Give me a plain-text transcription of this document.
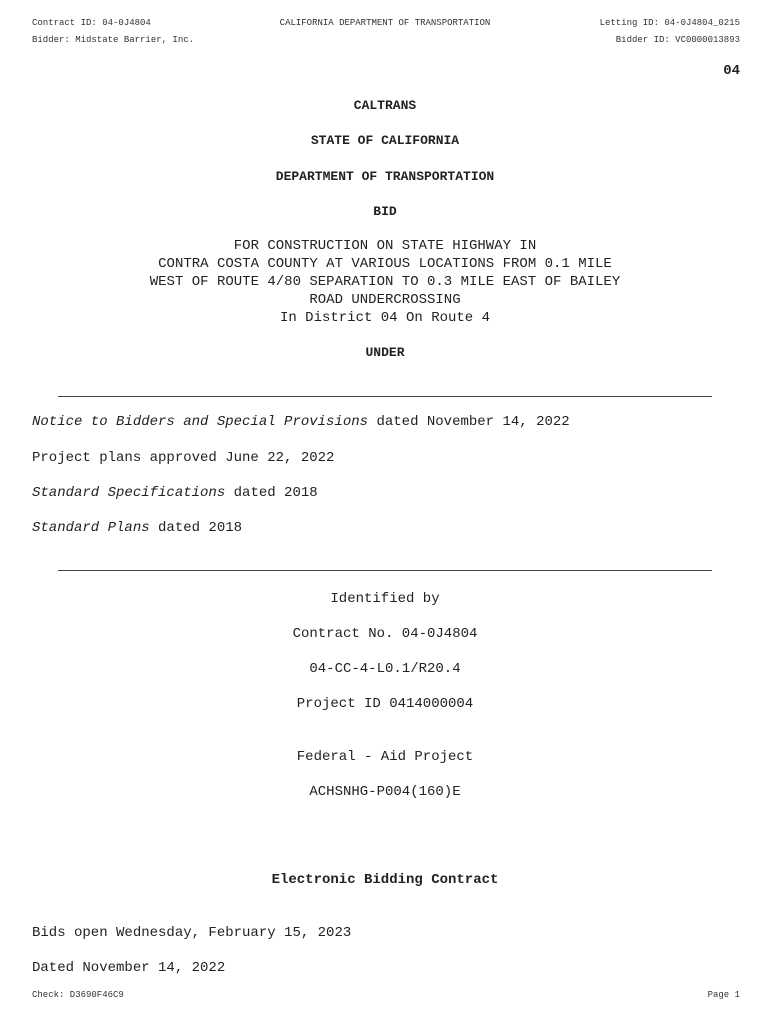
Contract ID: 04-0J4804
Bidder: Midstate Barrier, Inc.
CALIFORNIA DEPARTMENT OF TRANSPORTATION	Letting ID: 04-0J4804_0215
Bidder ID: VC0000013893
04
CALTRANS
STATE OF CALIFORNIA
DEPARTMENT OF TRANSPORTATION
BID
FOR CONSTRUCTION ON STATE HIGHWAY IN
CONTRA COSTA COUNTY AT VARIOUS LOCATIONS FROM 0.1 MILE
WEST OF ROUTE 4/80 SEPARATION TO 0.3 MILE EAST OF BAILEY
ROAD UNDERCROSSING
In District 04 On Route 4
UNDER
Notice to Bidders and Special Provisions dated November 14, 2022
Project plans approved June 22, 2022
Standard Specifications dated 2018
Standard Plans dated 2018
Identified by
Contract No. 04-0J4804
04-CC-4-L0.1/R20.4
Project ID 0414000004
Federal - Aid Project
ACHSNHG-P004(160)E
Electronic Bidding Contract
Bids open Wednesday, February 15, 2023
Dated November 14, 2022
Check: D3690F46C9	Page 1
